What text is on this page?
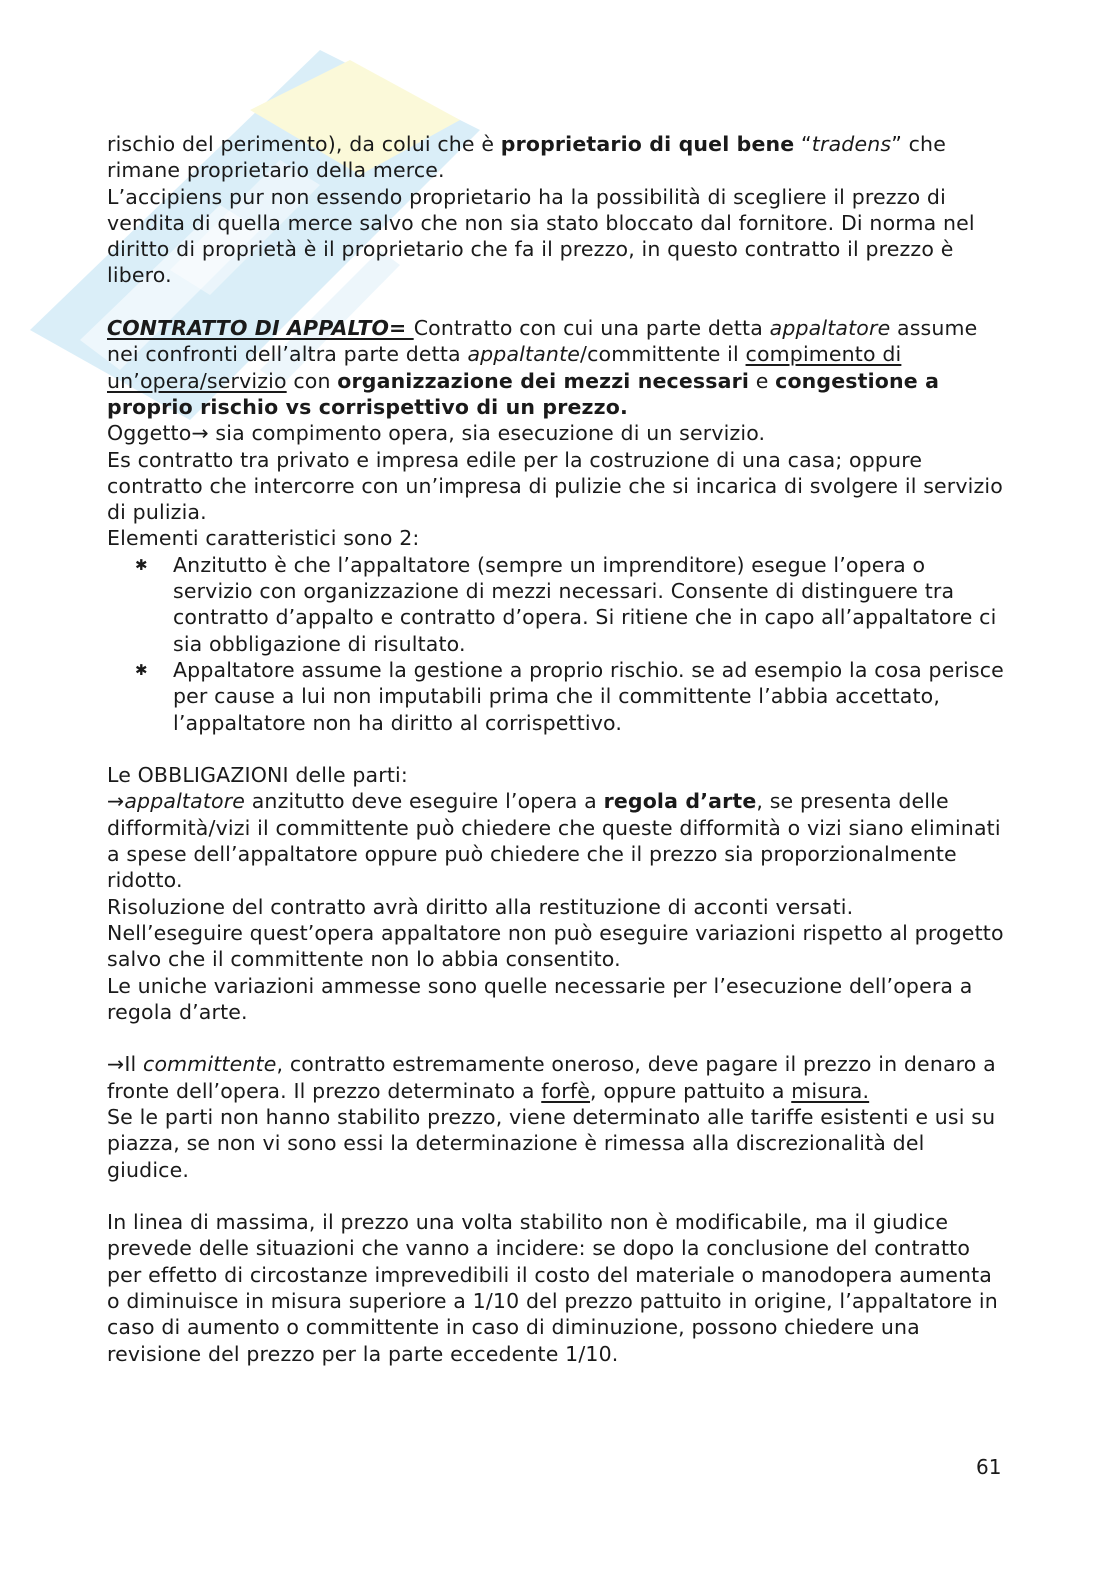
rischio del perimento), da colui che è proprietario di quel bene “tradens” che rimane proprietario della merce.

L’accipiens pur non essendo proprietario ha la possibilità di scegliere il prezzo di vendita di quella merce salvo che non sia stato bloccato dal fornitore. Di norma nel diritto di proprietà è il proprietario che fa il prezzo, in questo contratto il prezzo è libero.

CONTRATTO DI APPALTO= Contratto con cui una parte detta appaltatore assume nei confronti dell’altra parte detta appaltante/committente il compimento di un’opera/servizio con organizzazione dei mezzi necessari e congestione a proprio rischio vs corrispettivo di un prezzo.

Oggetto→ sia compimento opera, sia esecuzione di un servizio.

Es contratto tra privato e impresa edile per la costruzione di una casa; oppure contratto che intercorre con un’impresa di pulizie che si incarica di svolgere il servizio di pulizia.

Elementi caratteristici sono 2:

✱ Anzitutto è che l’appaltatore (sempre un imprenditore) esegue l’opera o servizio con organizzazione di mezzi necessari. Consente di distinguere tra contratto d’appalto e contratto d’opera. Si ritiene che in capo all’appaltatore ci sia obbligazione di risultato.
✱ Appaltatore assume la gestione a proprio rischio. se ad esempio la cosa perisce per cause a lui non imputabili prima che il committente l’abbia accettato, l’appaltatore non ha diritto al corrispettivo.

Le OBBLIGAZIONI delle parti:

→appaltatore anzitutto deve eseguire l’opera a regola d’arte, se presenta delle difformità/vizi il committente può chiedere che queste difformità o vizi siano eliminati a spese dell’appaltatore oppure può chiedere che il prezzo sia proporzionalmente ridotto.

Risoluzione del contratto avrà diritto alla restituzione di acconti versati.

Nell’eseguire quest’opera appaltatore non può eseguire variazioni rispetto al progetto salvo che il committente non lo abbia consentito.

Le uniche variazioni ammesse sono quelle necessarie per l’esecuzione dell’opera a regola d’arte.

→Il committente, contratto estremamente oneroso, deve pagare il prezzo in denaro a fronte dell’opera. Il prezzo determinato a forfè, oppure pattuito a misura.

Se le parti non hanno stabilito prezzo, viene determinato alle tariffe esistenti e usi su piazza, se non vi sono essi la determinazione è rimessa alla discrezionalità del giudice.

In linea di massima, il prezzo una volta stabilito non è modificabile, ma il giudice prevede delle situazioni che vanno a incidere: se dopo la conclusione del contratto per effetto di circostanze imprevedibili il costo del materiale o manodopera aumenta o diminuisce in misura superiore a 1/10 del prezzo pattuito in origine, l’appaltatore in caso di aumento o committente in caso di diminuzione, possono chiedere una revisione del prezzo per la parte eccedente 1/10.

61
